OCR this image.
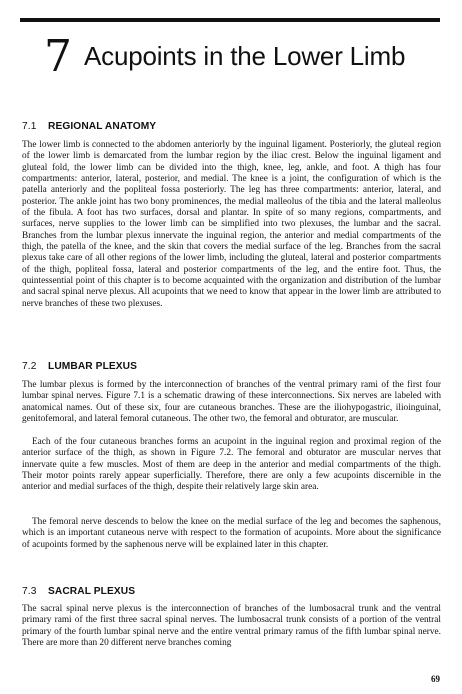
7 Acupoints in the Lower Limb
7.1 REGIONAL ANATOMY

The lower limb is connected to the abdomen anteriorly by the inguinal ligament. Posteriorly, the gluteal region of the lower limb is demarcated from the lumbar region by the iliac crest. Below the inguinal ligament and gluteal fold, the lower limb can be divided into the thigh, knee, leg, ankle, and foot. A thigh has four compartments: anterior, lateral, posterior, and medial. The knee is a joint, the configuration of which is the patella anteriorly and the popliteal fossa posteriorly. The leg has three compartments: anterior, lateral, and posterior. The ankle joint has two bony prominences, the medial malleolus of the tibia and the lateral malleolus of the fibula. A foot has two surfaces, dorsal and plantar. In spite of so many regions, compartments, and surfaces, nerve supplies to the lower limb can be simplified into two plexuses, the lumbar and the sacral. Branches from the lumbar plexus innervate the inguinal region, the anterior and medial compartments of the thigh, the patella of the knee, and the skin that covers the medial surface of the leg. Branches from the sacral plexus take care of all other regions of the lower limb, including the gluteal, lateral and posterior compartments of the thigh, popliteal fossa, lateral and posterior compartments of the leg, and the entire foot. Thus, the quintessential point of this chapter is to become acquainted with the organization and distribution of the lumbar and sacral spinal nerve plexus. All acupoints that we need to know that appear in the lower limb are attributed to nerve branches of these two plexuses.

7.2 LUMBAR PLEXUS

The lumbar plexus is formed by the interconnection of branches of the ventral primary rami of the first four lumbar spinal nerves. Figure 7.1 is a schematic drawing of these interconnections. Six nerves are labeled with anatomical names. Out of these six, four are cutaneous branches. These are the iliohypogastric, ilioinguinal, genitofemoral, and lateral femoral cutaneous. The other two, the femoral and obturator, are muscular.

Each of the four cutaneous branches forms an acupoint in the inguinal region and proximal region of the anterior surface of the thigh, as shown in Figure 7.2. The femoral and obturator are muscular nerves that innervate quite a few muscles. Most of them are deep in the anterior and medial compartments of the thigh. Their motor points rarely appear superficially. Therefore, there are only a few acupoints discernible in the anterior and medial surfaces of the thigh, despite their relatively large skin area.

The femoral nerve descends to below the knee on the medial surface of the leg and becomes the saphenous, which is an important cutaneous nerve with respect to the formation of acupoints. More about the significance of acupoints formed by the saphenous nerve will be explained later in this chapter.

7.3 SACRAL PLEXUS

The sacral spinal nerve plexus is the interconnection of branches of the lumbosacral trunk and the ventral primary rami of the first three sacral spinal nerves. The lumbosacral trunk consists of a portion of the ventral primary of the fourth lumbar spinal nerve and the entire ventral primary ramus of the fifth lumbar spinal nerve. There are more than 20 different nerve branches coming

69
